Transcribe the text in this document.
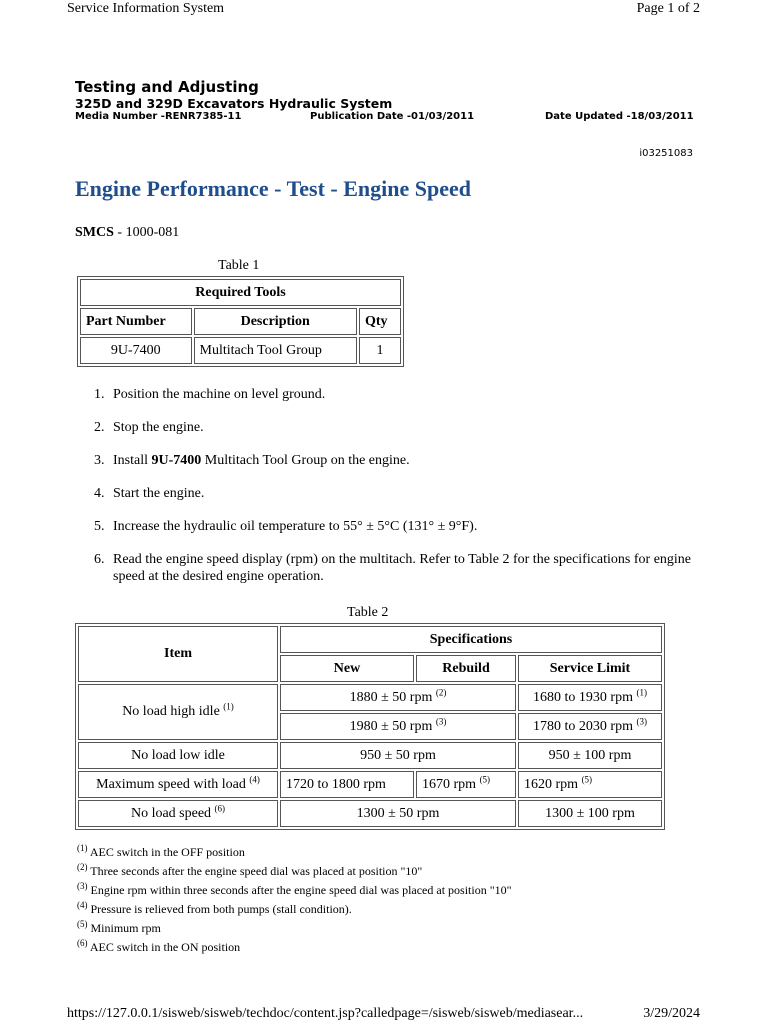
Service Information System	Page 1 of 2
Testing and Adjusting
325D and 329D Excavators Hydraulic System
Media Number -RENR7385-11	Publication Date -01/03/2011	Date Updated -18/03/2011
i03251083
Engine Performance - Test - Engine Speed
SMCS - 1000-081
Table 1
Required Tools		
Part Number	Description	Qty
9U-7400	Multitach Tool Group	1
1. Position the machine on level ground.
2. Stop the engine.
3. Install 9U-7400 Multitach Tool Group on the engine.
4. Start the engine.
5. Increase the hydraulic oil temperature to 55° ± 5°C (131° ± 9°F).
6. Read the engine speed display (rpm) on the multitach. Refer to Table 2 for the specifications for engine speed at the desired engine operation.
Table 2
Item	Specifications		
	New	Rebuild	Service Limit
No load high idle $^{(1)}$	1880 ± 50 rpm $^{(2)}$		1680 to 1930 rpm $^{(1)}$
	1980 ± 50 rpm $^{(3)}$		1780 to 2030 rpm $^{(3)}$
No load low idle	950 ± 50 rpm		950 ± 100 rpm
Maximum speed with load $^{(4)}$	1720 to 1800 rpm	1670 rpm $^{(5)}$	1620 rpm $^{(5)}$
No load speed $^{(6)}$	1300 ± 50 rpm		1300 ± 100 rpm
$^{(1)}$ AEC switch in the OFF position
$^{(2)}$ Three seconds after the engine speed dial was placed at position "10"
$^{(3)}$ Engine rpm within three seconds after the engine speed dial was placed at position "10"
$^{(4)}$ Pressure is relieved from both pumps (stall condition).
$^{(5)}$ Minimum rpm
$^{(6)}$ AEC switch in the ON position
https://127.0.0.1/sisweb/sisweb/techdoc/content.jsp?calledpage=/sisweb/sisweb/mediasear...	3/29/2024
